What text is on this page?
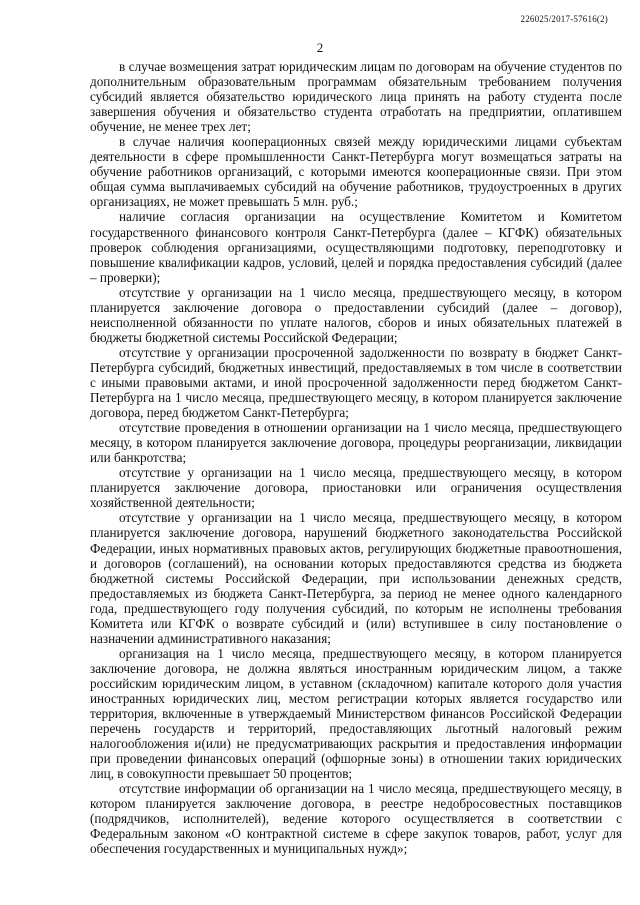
226025/2017-57616(2)
2

в случае возмещения затрат юридическим лицам по договорам на обучение студентов по дополнительным образовательным программам обязательным требованием получения субсидий является обязательство юридического лица принять на работу студента после завершения обучения и обязательство студента отработать на предприятии, оплатившем обучение, не менее трех лет;

в случае наличия кооперационных связей между юридическими лицами субъектам деятельности в сфере промышленности Санкт-Петербурга могут возмещаться затраты на обучение работников организаций, с которыми имеются кооперационные связи. При этом общая сумма выплачиваемых субсидий на обучение работников, трудоустроенных в других организациях, не может превышать 5 млн. руб.;

наличие согласия организации на осуществление Комитетом и Комитетом государственного финансового контроля Санкт-Петербурга (далее – КГФК) обязательных проверок соблюдения организациями, осуществляющими подготовку, переподготовку и повышение квалификации кадров, условий, целей и порядка предоставления субсидий (далее – проверки);

отсутствие у организации на 1 число месяца, предшествующего месяцу, в котором планируется заключение договора о предоставлении субсидий (далее – договор), неисполненной обязанности по уплате налогов, сборов и иных обязательных платежей в бюджеты бюджетной системы Российской Федерации;

отсутствие у организации просроченной задолженности по возврату в бюджет Санкт-Петербурга субсидий, бюджетных инвестиций, предоставляемых в том числе в соответствии с иными правовыми актами, и иной просроченной задолженности перед бюджетом Санкт-Петербурга на 1 число месяца, предшествующего месяцу, в котором планируется заключение договора, перед бюджетом Санкт-Петербурга;

отсутствие проведения в отношении организации на 1 число месяца, предшествующего месяцу, в котором планируется заключение договора, процедуры реорганизации, ликвидации или банкротства;

отсутствие у организации на 1 число месяца, предшествующего месяцу, в котором планируется заключение договора, приостановки или ограничения осуществления хозяйственной деятельности;

отсутствие у организации на 1 число месяца, предшествующего месяцу, в котором планируется заключение договора, нарушений бюджетного законодательства Российской Федерации, иных нормативных правовых актов, регулирующих бюджетные правоотношения, и договоров (соглашений), на основании которых предоставляются средства из бюджета бюджетной системы Российской Федерации, при использовании денежных средств, предоставляемых из бюджета Санкт-Петербурга, за период не менее одного календарного года, предшествующего году получения субсидий, по которым не исполнены требования Комитета или КГФК о возврате субсидий и (или) вступившее в силу постановление о назначении административного наказания;

организация на 1 число месяца, предшествующего месяцу, в котором планируется заключение договора, не должна являться иностранным юридическим лицом, а также российским юридическим лицом, в уставном (складочном) капитале которого доля участия иностранных юридических лиц, местом регистрации которых является государство или территория, включенные в утверждаемый Министерством финансов Российской Федерации перечень государств и территорий, предоставляющих льготный налоговый режим налогообложения и(или) не предусматривающих раскрытия и предоставления информации при проведении финансовых операций (офшорные зоны) в отношении таких юридических лиц, в совокупности превышает 50 процентов;

отсутствие информации об организации на 1 число месяца, предшествующего месяцу, в котором планируется заключение договора, в реестре недобросовестных поставщиков (подрядчиков, исполнителей), ведение которого осуществляется в соответствии с Федеральным законом «О контрактной системе в сфере закупок товаров, работ, услуг для обеспечения государственных и муниципальных нужд»;
